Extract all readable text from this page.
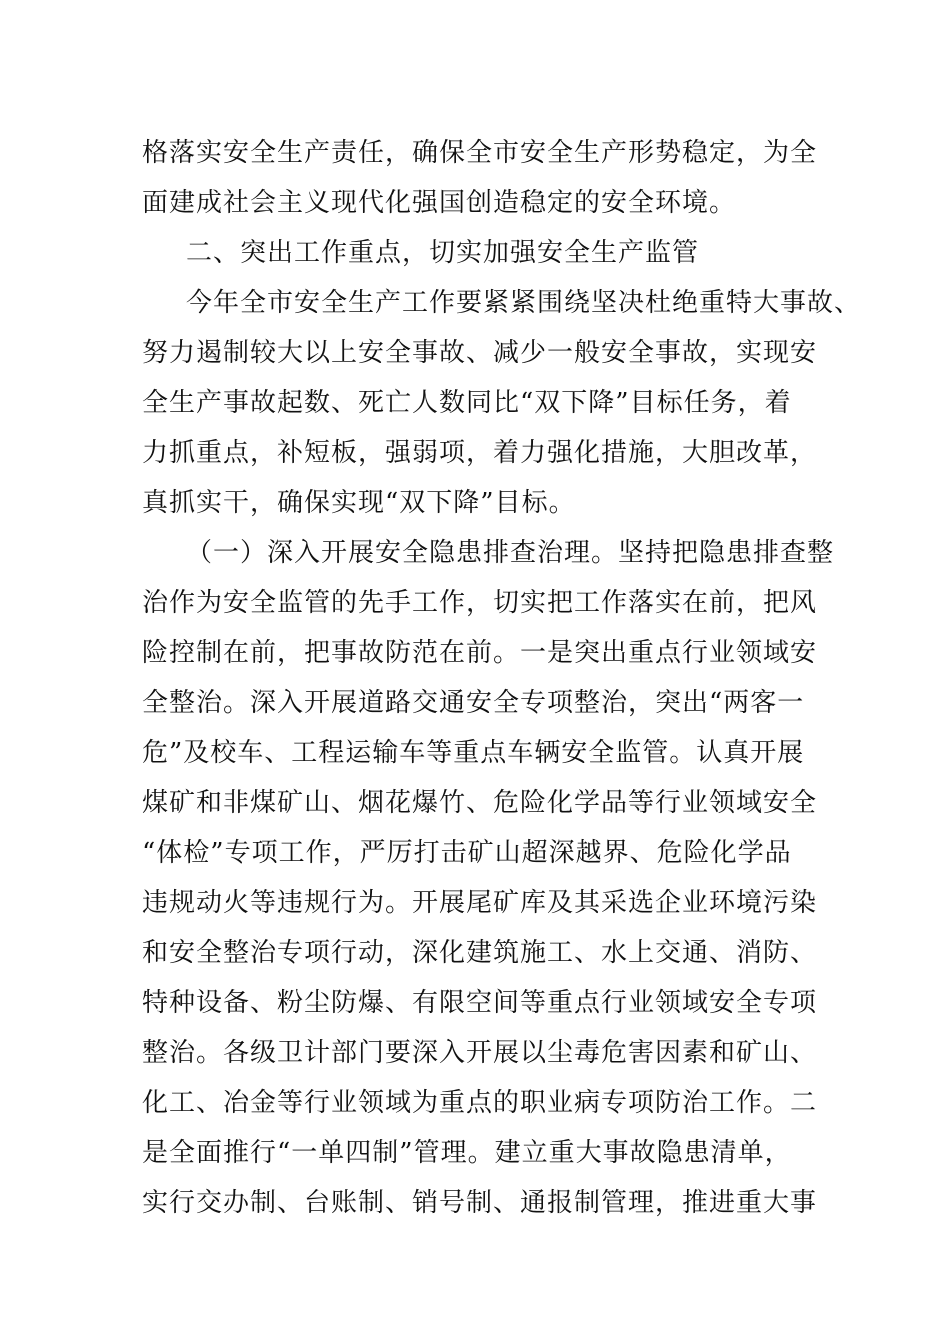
格落实安全生产责任，确保全市安全生产形势稳定，为全
面建成社会主义现代化强国创造稳定的安全环境。
二、突出工作重点，切实加强安全生产监管
今年全市安全生产工作要紧紧围绕坚决杜绝重特大事故、
努力遏制较大以上安全事故、减少一般安全事故，实现安
全生产事故起数、死亡人数同比“双下降”目标任务，着
力抓重点，补短板，强弱项，着力强化措施，大胆改革，
真抓实干，确保实现“双下降”目标。
（一）深入开展安全隐患排查治理。坚持把隐患排查整
治作为安全监管的先手工作，切实把工作落实在前，把风
险控制在前，把事故防范在前。一是突出重点行业领域安
全整治。深入开展道路交通安全专项整治，突出“两客一
危”及校车、工程运输车等重点车辆安全监管。认真开展
煤矿和非煤矿山、烟花爆竹、危险化学品等行业领域安全
“体检”专项工作，严厉打击矿山超深越界、危险化学品
违规动火等违规行为。开展尾矿库及其采选企业环境污染
和安全整治专项行动，深化建筑施工、水上交通、消防、
特种设备、粉尘防爆、有限空间等重点行业领域安全专项
整治。各级卫计部门要深入开展以尘毒危害因素和矿山、
化工、冶金等行业领域为重点的职业病专项防治工作。二
是全面推行“一单四制”管理。建立重大事故隐患清单，
实行交办制、台账制、销号制、通报制管理，推进重大事
